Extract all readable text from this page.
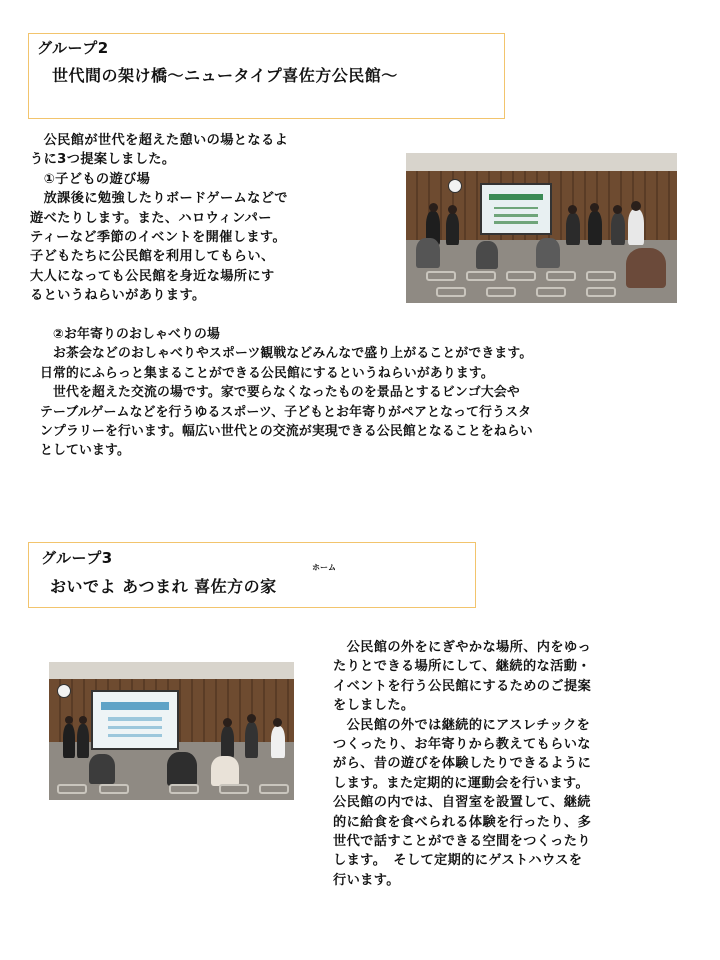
グループ2
世代間の架け橋〜ニュータイプ喜佐方公民館〜
　公民館が世代を超えた憩いの場となるよ
うに3つ提案しました。
　①子どもの遊び場
　放課後に勉強したりボードゲームなどで
遊べたりします。また、ハロウィンパー
ティーなど季節のイベントを開催します。
子どもたちに公民館を利用してもらい、
大人になっても公民館を身近な場所にす
るというねらいがあります。
　②お年寄りのおしゃべりの場
　お茶会などのおしゃべりやスポーツ観戦などみんなで盛り上がることができます。
日常的にふらっと集まることができる公民館にするというねらいがあります。
　世代を超えた交流の場です。家で要らなくなったものを景品とするビンゴ大会や
テーブルゲームなどを行うゆるスポーツ、子どもとお年寄りがペアとなって行うスタ
ンプラリーを行います。幅広い世代との交流が実現できる公民館となることをねらい
としています。
グループ3
ホーム
おいでよ あつまれ 喜佐方の家
　公民館の外をにぎやかな場所、内をゆっ
たりとできる場所にして、継続的な活動・
イベントを行う公民館にするためのご提案
をしました。
　公民館の外では継続的にアスレチックを
つくったり、お年寄りから教えてもらいな
がら、昔の遊びを体験したりできるように
します。また定期的に運動会を行います。
公民館の内では、自習室を設置して、継続
的に給食を食べられる体験を行ったり、多
世代で話すことができる空間をつくったり
します。　そして定期的にゲストハウスを
行います。
